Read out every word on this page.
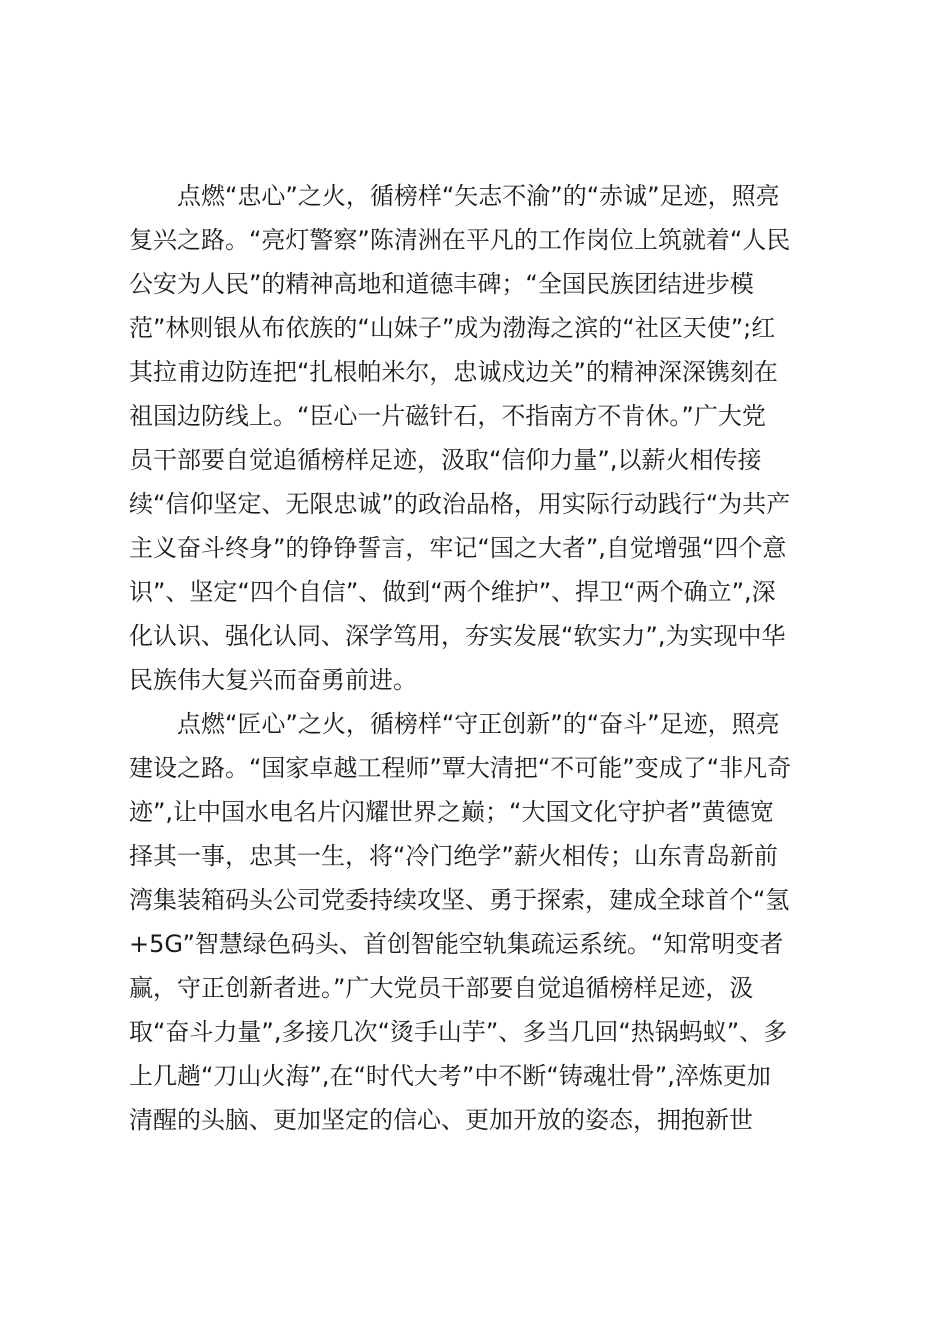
点燃“忠心”之火，循榜样“矢志不渝”的“赤诚”足迹，照亮

复兴之路。“亮灯警察”陈清洲在平凡的工作岗位上筑就着“人民

公安为人民”的精神高地和道德丰碑；“全国民族团结进步模

范”林则银从布依族的“山妹子”成为渤海之滨的“社区天使”;红

其拉甫边防连把“扎根帕米尔，忠诚戍边关”的精神深深镌刻在

祖国边防线上。“臣心一片磁针石，不指南方不肯休。”广大党

员干部要自觉追循榜样足迹，汲取“信仰力量”,以薪火相传接

续“信仰坚定、无限忠诚”的政治品格，用实际行动践行“为共产

主义奋斗终身”的铮铮誓言，牢记“国之大者”,自觉增强“四个意

识”、坚定“四个自信”、做到“两个维护”、捍卫“两个确立”,深

化认识、强化认同、深学笃用，夯实发展“软实力”,为实现中华

民族伟大复兴而奋勇前进。

点燃“匠心”之火，循榜样“守正创新”的“奋斗”足迹，照亮

建设之路。“国家卓越工程师”覃大清把“不可能”变成了“非凡奇

迹”,让中国水电名片闪耀世界之巅；“大国文化守护者”黄德宽

择其一事，忠其一生，将“冷门绝学”薪火相传；山东青岛新前

湾集装箱码头公司党委持续攻坚、勇于探索，建成全球首个“氢

+5G”智慧绿色码头、首创智能空轨集疏运系统。“知常明变者

赢，守正创新者进。”广大党员干部要自觉追循榜样足迹，汲

取“奋斗力量”,多接几次“烫手山芋”、多当几回“热锅蚂蚁”、多

上几趟“刀山火海”,在“时代大考”中不断“铸魂壮骨”,淬炼更加

清醒的头脑、更加坚定的信心、更加开放的姿态，拥抱新世
